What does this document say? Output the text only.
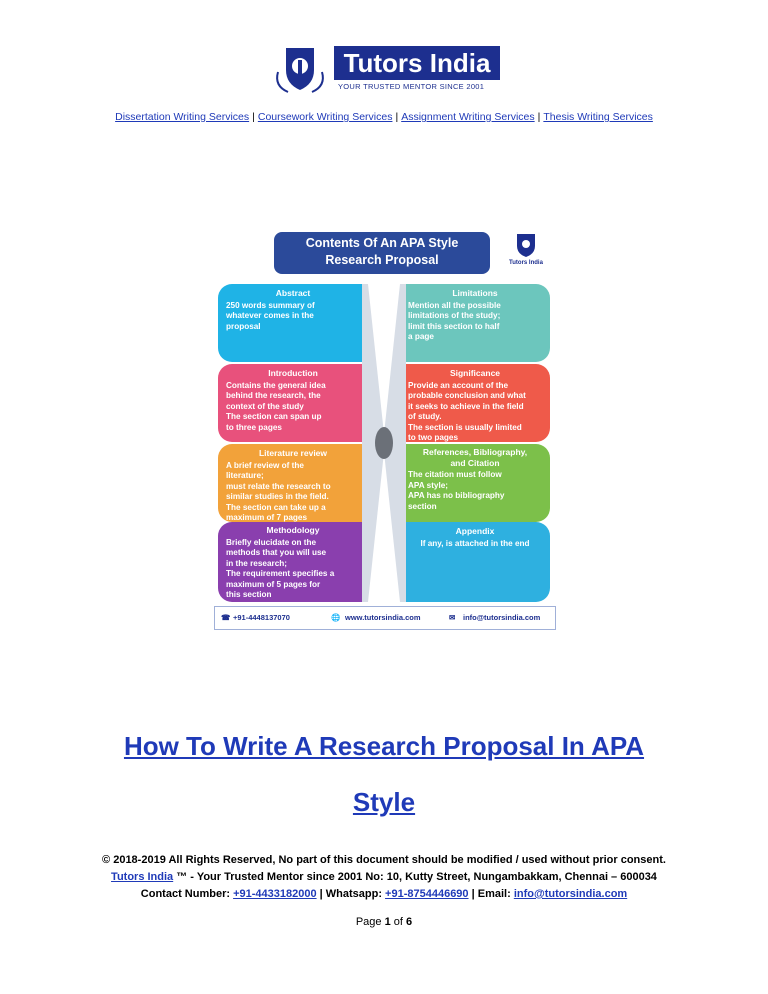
Tutors India
YOUR TRUSTED MENTOR SINCE 2001
Dissertation Writing Services | Coursework Writing Services | Assignment Writing Services | Thesis Writing Services
Contents Of An APA Style
Research Proposal	Tutors India
Abstract
250 words summary of
whatever comes in the
proposal
Introduction
Contains the general idea
behind the research, the
context of the study
The section can span up
to three pages
Literature review
A brief review of the
literature;
must relate the research to
similar studies in the field.
The section can take up a
maximum of 7 pages
Methodology
Briefly elucidate on the
methods that you will use
in the research;
The requirement specifies a
maximum of 5 pages for
this section
Limitations
Mention all the possible
limitations of the study;
limit this section to half
a page
Significance
Provide an account of the
probable conclusion and what
it seeks to achieve in the field
of study.
The section is usually limited
to two pages
References, Bibliography,
and Citation
The citation must follow
APA style;
APA has no bibliography
section
Appendix
If any, is attached in the end
☎ +91-4448137070	🌐 www.tutorsindia.com	✉ info@tutorsindia.com
How To Write A Research Proposal In APA
Style
© 2018-2019 All Rights Reserved, No part of this document should be modified / used without prior consent.
Tutors India ™ - Your Trusted Mentor since 2001 No: 10, Kutty Street, Nungambakkam, Chennai – 600034
Contact Number: +91-4433182000 | Whatsapp: +91-8754446690 | Email: info@tutorsindia.com
Page 1 of 6
